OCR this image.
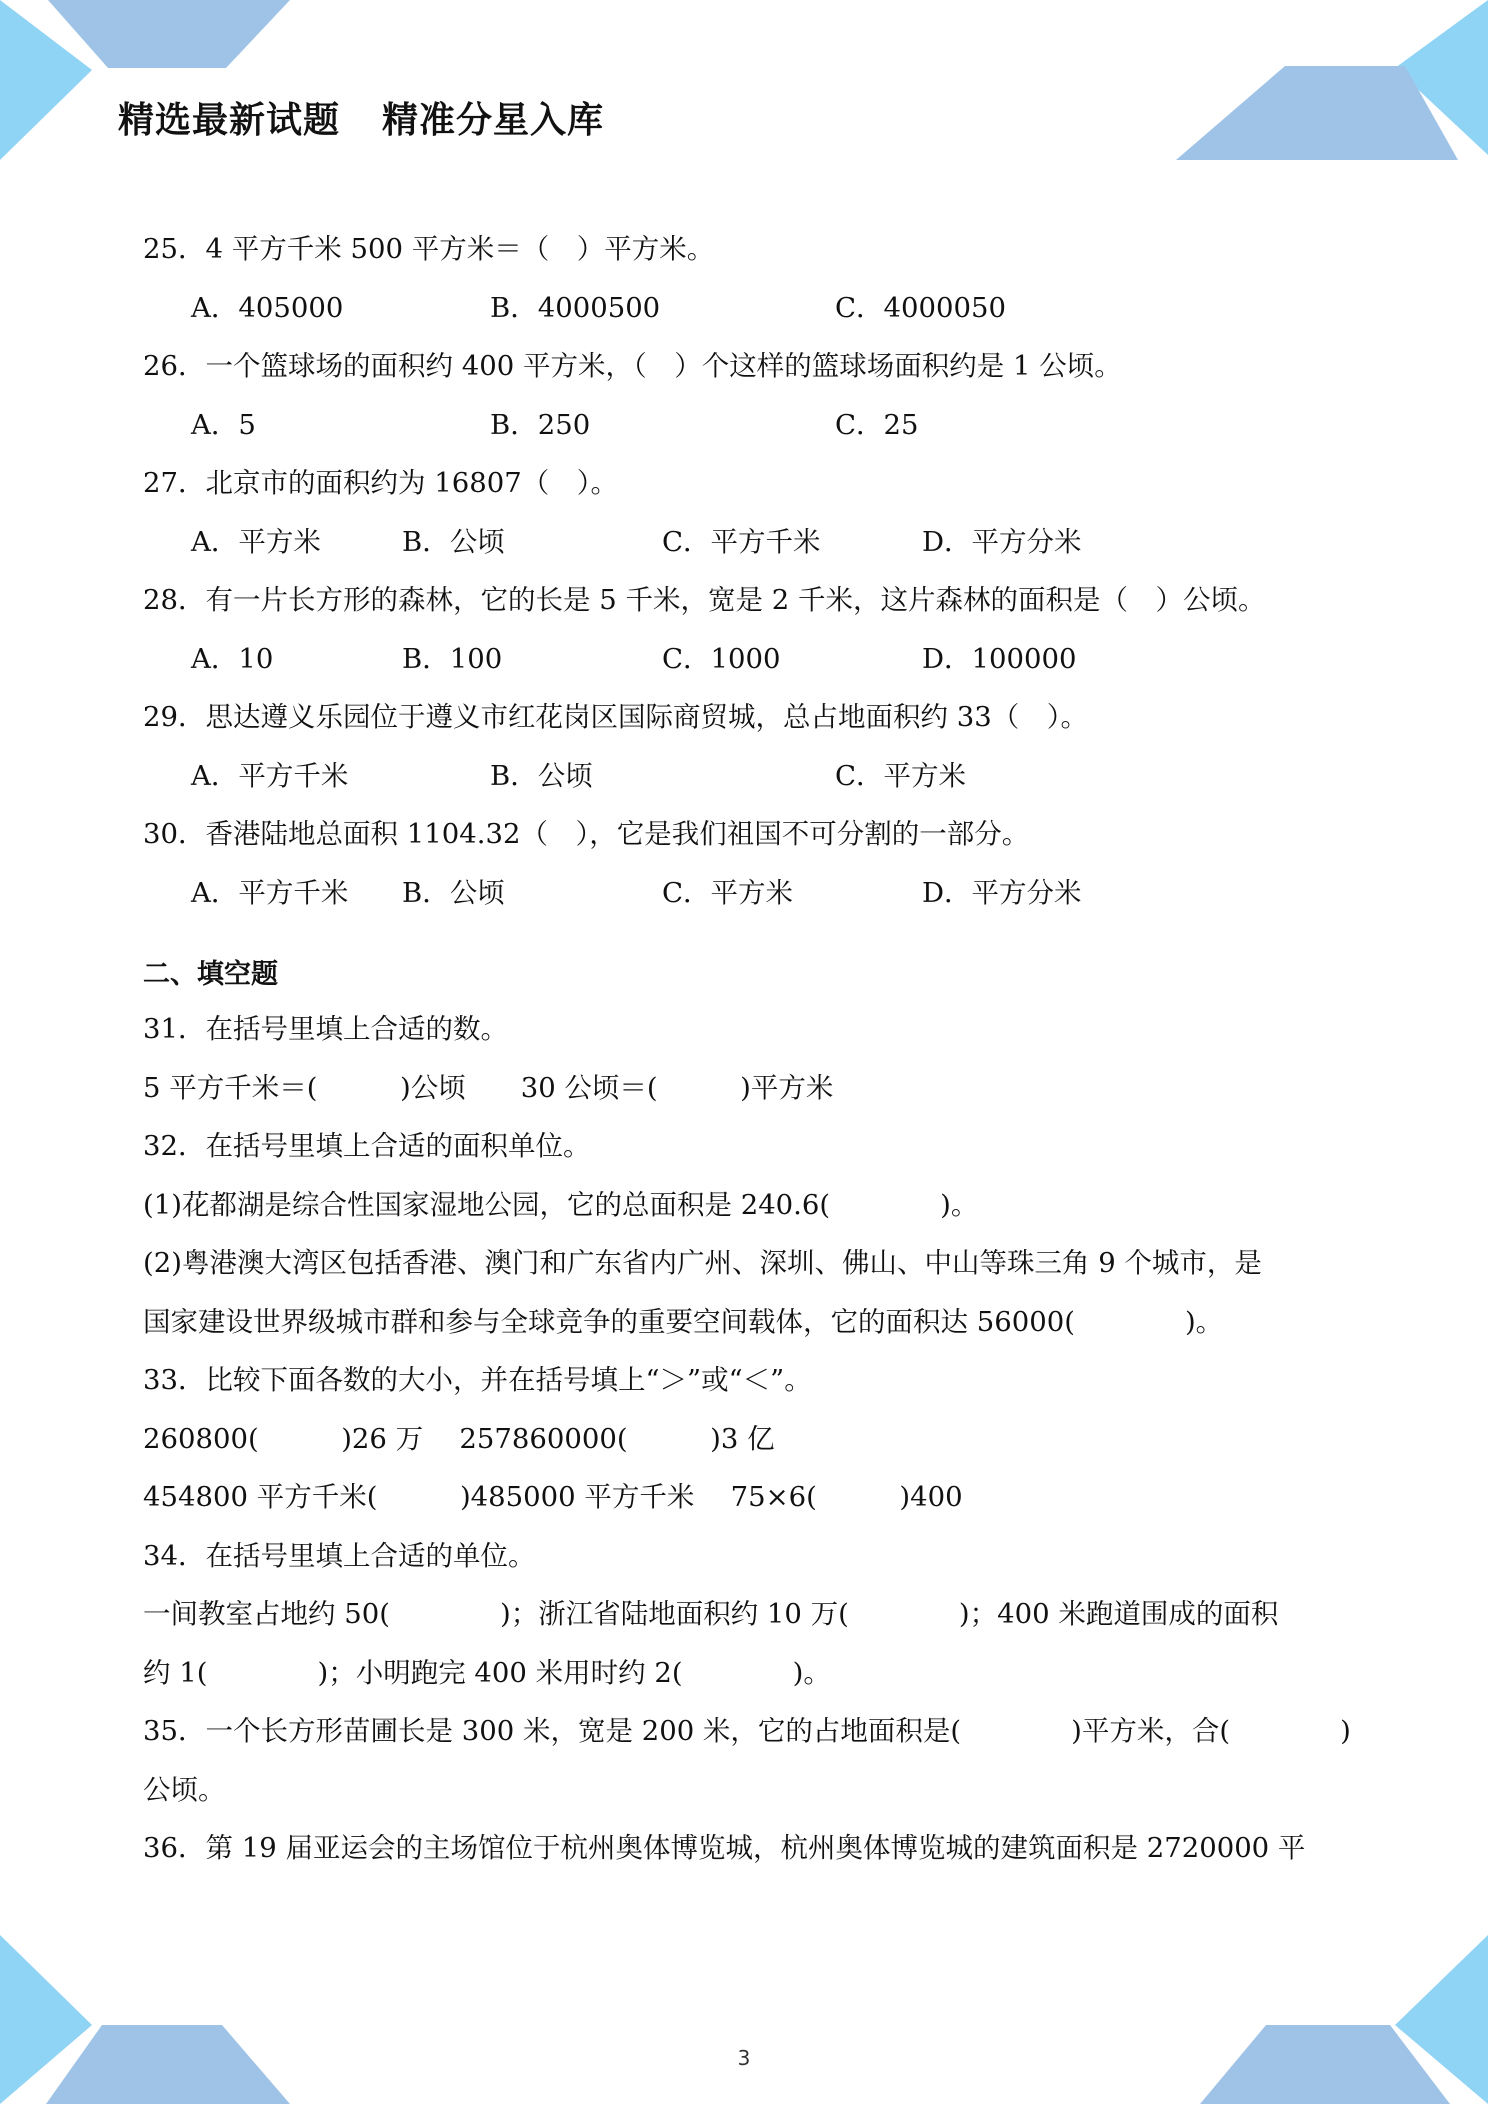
精选最新试题 精准分星入库
25．4 平方千米 500 平方米＝（　）平方米。
A．405000	B．4000500	C．4000050
26．一个篮球场的面积约 400 平方米，（　）个这样的篮球场面积约是 1 公顷。
A．5	B．250	C．25
27．北京市的面积约为 16807（　）。
A．平方米	B．公顷	C．平方千米	D．平方分米
28．有一片长方形的森林，它的长是 5 千米，宽是 2 千米，这片森林的面积是（　）公顷。
A．10	B．100	C．1000	D．100000
29．思达遵义乐园位于遵义市红花岗区国际商贸城，总占地面积约 33（　）。
A．平方千米	B．公顷	C．平方米
30．香港陆地总面积 1104.32（　），它是我们祖国不可分割的一部分。
A．平方千米 B．公顷	C．平方米	D．平方分米
二、填空题
31．在括号里填上合适的数。
5 平方千米＝(　　　)公顷　　30 公顷＝(　　　)平方米
32．在括号里填上合适的面积单位。
(1)花都湖是综合性国家湿地公园，它的总面积是 240.6(　　　　)。
(2)粤港澳大湾区包括香港、澳门和广东省内广州、深圳、佛山、中山等珠三角 9 个城市，是
国家建设世界级城市群和参与全球竞争的重要空间载体，它的面积达 56000(　　　　)。
33．比较下面各数的大小，并在括号填上“＞”或“＜”。
260800(　　　)26 万　 257860000(　　　)3 亿
454800 平方千米(　　　)485000 平方千米　 75×6(　　　)400
34．在括号里填上合适的单位。
一间教室占地约 50(　　　　)；浙江省陆地面积约 10 万(　　　　)；400 米跑道围成的面积
约 1(　　　　)；小明跑完 400 米用时约 2(　　　　)。
35．一个长方形苗圃长是 300 米，宽是 200 米，它的占地面积是(　　　　)平方米，合(　　　　)
公顷。
36．第 19 届亚运会的主场馆位于杭州奥体博览城，杭州奥体博览城的建筑面积是 2720000 平
3
